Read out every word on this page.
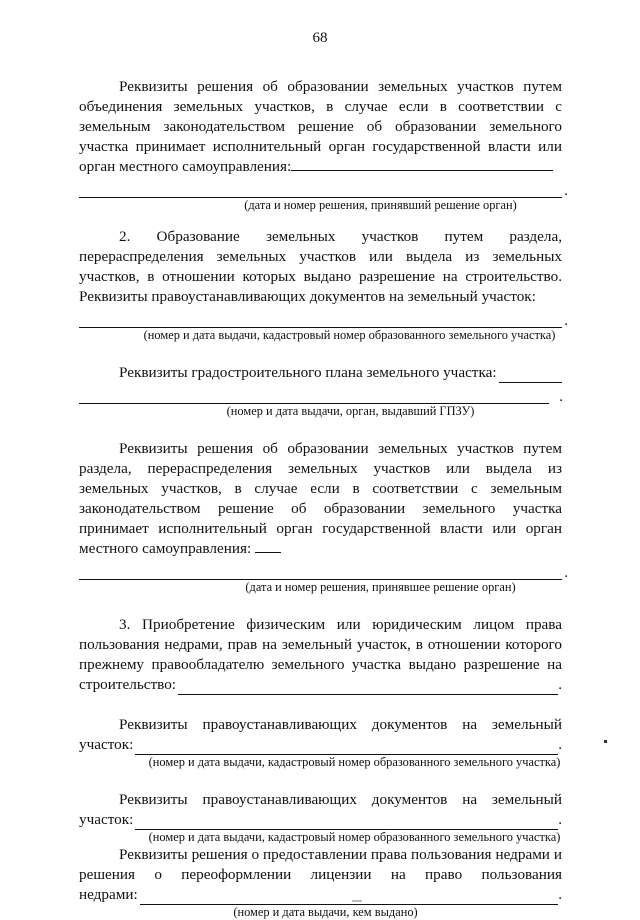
68

Реквизиты решения об образовании земельных участков путем объединения земельных участков, в случае если в соответствии с земельным законодательством решение об образовании земельного участка принимает исполнительный орган государственной власти или орган местного самоуправления:

.

(дата и номер решения, принявший решение орган)

2. Образование земельных участков путем раздела, перераспределения земельных участков или выдела из земельных участков, в отношении которых выдано разрешение на строительство. Реквизиты правоустанавливающих документов на земельный участок:

.

(номер и дата выдачи, кадастровый номер образованного земельного участка)

Реквизиты градостроительного плана земельного участка:
.

(номер и дата выдачи, орган, выдавший ГПЗУ)

Реквизиты решения об образовании земельных участков путем раздела, перераспределения земельных участков или выдела из земельных участков, в случае если в соответствии с земельным законодательством решение об образовании земельного участка принимает исполнительный орган государственной власти или орган местного самоуправления:

.

(дата и номер решения, принявшее решение орган)

3. Приобретение физическим или юридическим лицом права пользования недрами, прав на земельный участок, в отношении которого прежнему правообладателю земельного участка выдано разрешение на

строительство:	.

Реквизиты правоустанавливающих документов на земельный

участок:	.

(номер и дата выдачи, кадастровый номер образованного земельного участка)

Реквизиты правоустанавливающих документов на земельный

участок:	.

(номер и дата выдачи, кадастровый номер образованного земельного участка)

Реквизиты решения о предоставлении права пользования недрами и решения о переоформлении лицензии на право пользования

недрами:	.

(номер и дата выдачи, кем выдано)
